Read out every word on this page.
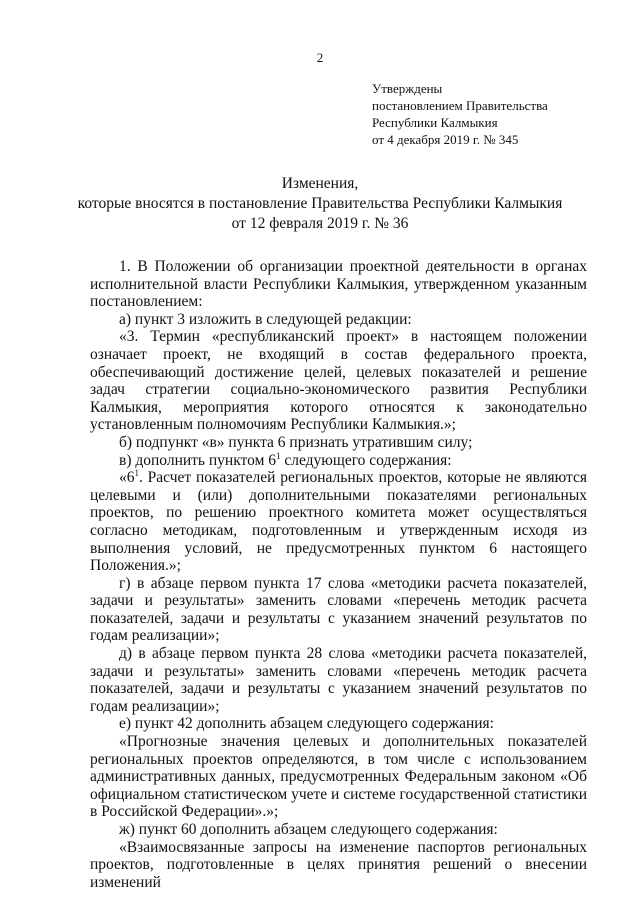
2
Утверждены
постановлением Правительства
Республики Калмыкия
от 4 декабря 2019 г. № 345
Изменения,
которые вносятся в постановление Правительства Республики Калмыкия
от 12 февраля 2019 г. № 36

1. В Положении об организации проектной деятельности в органах исполнительной власти Республики Калмыкия, утвержденном указанным постановлением:

а) пункт 3 изложить в следующей редакции:

«3. Термин «республиканский проект» в настоящем положении означает проект, не входящий в состав федерального проекта, обеспечивающий достижение целей, целевых показателей и решение задач стратегии социально-экономического развития Республики Калмыкия, мероприятия которого относятся к законодательно установленным полномочиям Республики Калмыкия.»;

б) подпункт «в» пункта 6 признать утратившим силу;

в) дополнить пунктом $6^1$ следующего содержания:

«$6^1$. Расчет показателей региональных проектов, которые не являются целевыми и (или) дополнительными показателями региональных проектов, по решению проектного комитета может осуществляться согласно методикам, подготовленным и утвержденным исходя из выполнения условий, не предусмотренных пунктом 6 настоящего Положения.»;

г) в абзаце первом пункта 17 слова «методики расчета показателей, задачи и результаты» заменить словами «перечень методик расчета показателей, задачи и результаты с указанием значений результатов по годам реализации»;

д) в абзаце первом пункта 28 слова «методики расчета показателей, задачи и результаты» заменить словами «перечень методик расчета показателей, задачи и результаты с указанием значений результатов по годам реализации»;

е) пункт 42 дополнить абзацем следующего содержания:

«Прогнозные значения целевых и дополнительных показателей региональных проектов определяются, в том числе с использованием административных данных, предусмотренных Федеральным законом «Об официальном статистическом учете и системе государственной статистики в Российской Федерации».»;

ж) пункт 60 дополнить абзацем следующего содержания:

«Взаимосвязанные запросы на изменение паспортов региональных проектов, подготовленные в целях принятия решений о внесении изменений
